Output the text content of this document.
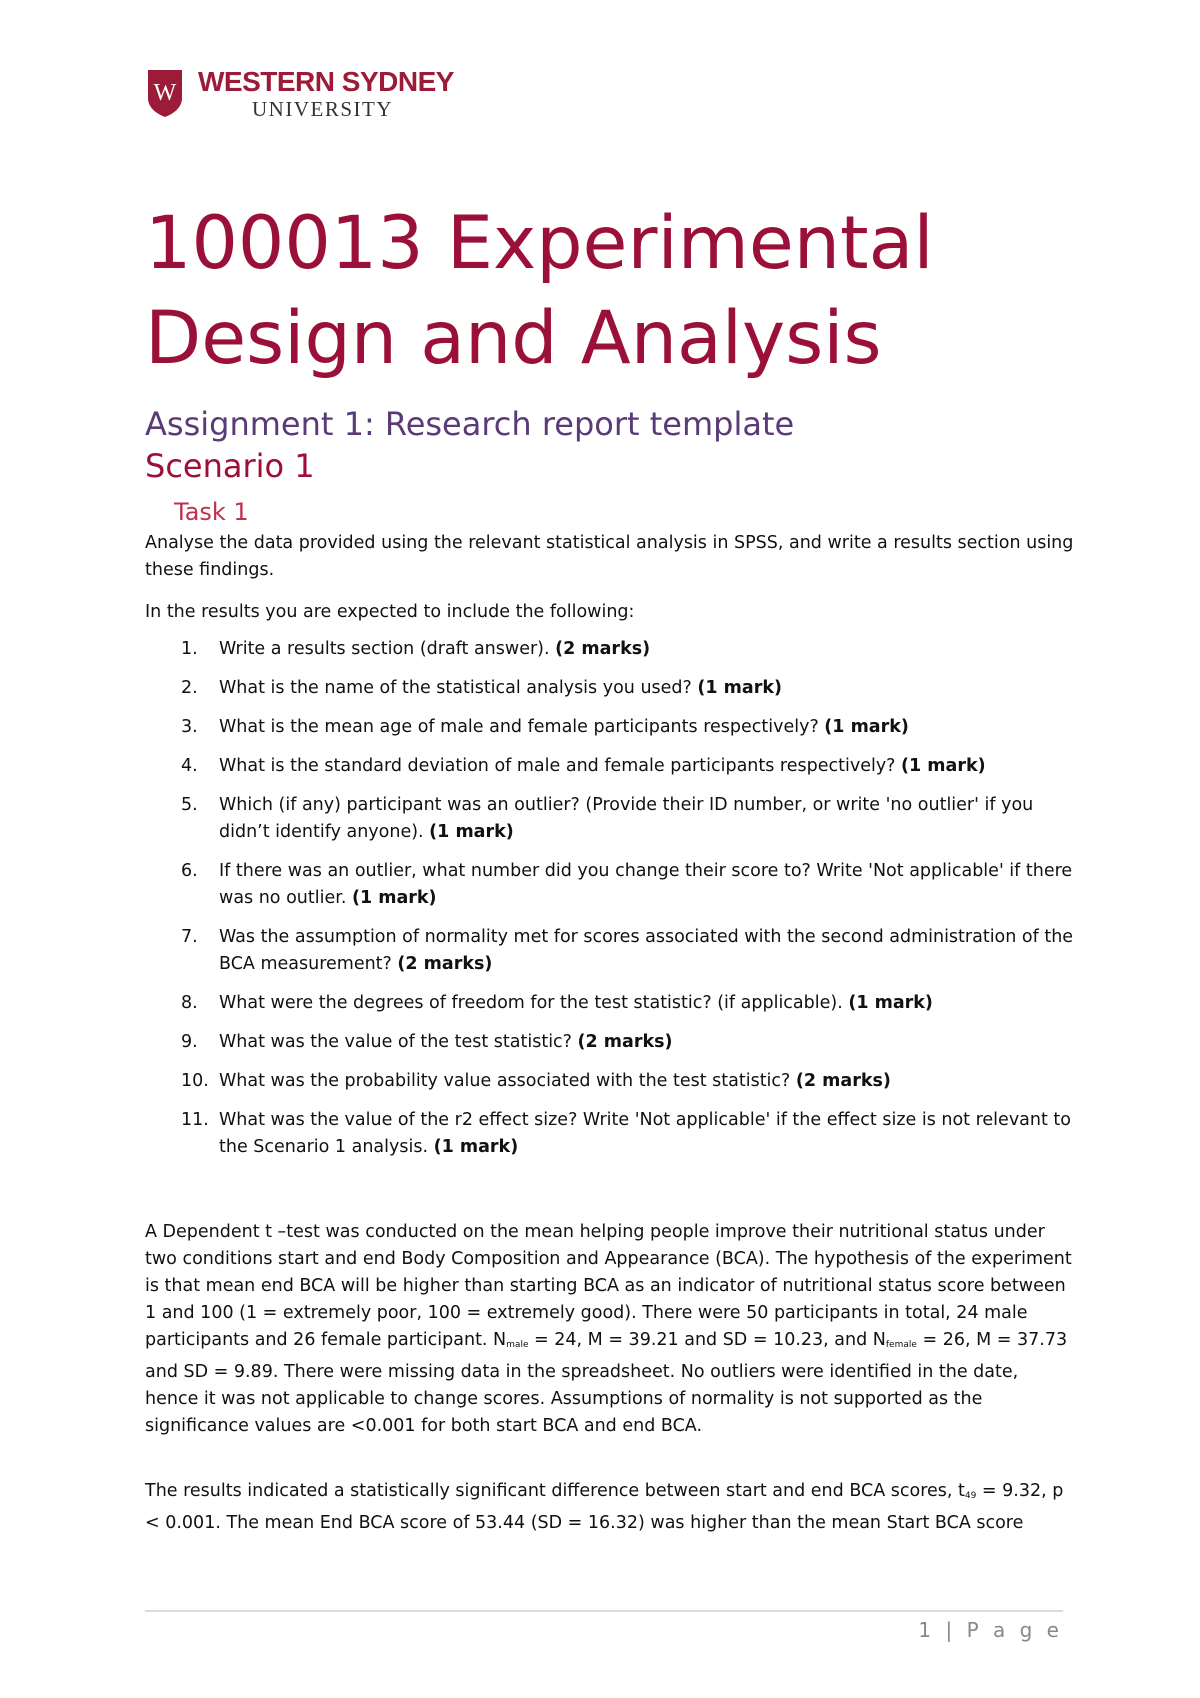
W WESTERN SYDNEY
UNIVERSITY
100013 Experimental
Design and Analysis
Assignment 1: Research report template
Scenario 1
Task 1

Analyse the data provided using the relevant statistical analysis in SPSS, and write a results section using these findings.

In the results you are expected to include the following:

1.	Write a results section (draft answer). (2 marks)
2.	What is the name of the statistical analysis you used? (1 mark)
3.	What is the mean age of male and female participants respectively? (1 mark)
4.	What is the standard deviation of male and female participants respectively? (1 mark)
5.	Which (if any) participant was an outlier? (Provide their ID number, or write 'no outlier' if you didn’t identify anyone). (1 mark)
6.	If there was an outlier, what number did you change their score to? Write 'Not applicable' if there was no outlier. (1 mark)
7.	Was the assumption of normality met for scores associated with the second administration of the BCA measurement? (2 marks)
8.	What were the degrees of freedom for the test statistic? (if applicable). (1 mark)
9.	What was the value of the test statistic? (2 marks)
10. What was the probability value associated with the test statistic? (2 marks)
11. What was the value of the r2 effect size? Write 'Not applicable' if the effect size is not relevant to the Scenario 1 analysis. (1 mark)

A Dependent t –test was conducted on the mean helping people improve their nutritional status under two conditions start and end Body Composition and Appearance (BCA). The hypothesis of the experiment is that mean end BCA will be higher than starting BCA as an indicator of nutritional status score between 1 and 100 (1 = extremely poor, 100 = extremely good). There were 50 participants in total, 24 male participants and 26 female participant. $N_{male} = 24$, M = 39.21 and SD = 10.23, and $N_{female} = 26$, M = 37.73 and SD = 9.89. There were missing data in the spreadsheet. No outliers were identified in the date, hence it was not applicable to change scores. Assumptions of normality is not supported as the significance values are <0.001 for both start BCA and end BCA.

The results indicated a statistically significant difference between start and end BCA scores, $t_{49} = 9.32$, p < 0.001. The mean End BCA score of 53.44 (SD = 16.32) was higher than the mean Start BCA score

1 | P a g e
